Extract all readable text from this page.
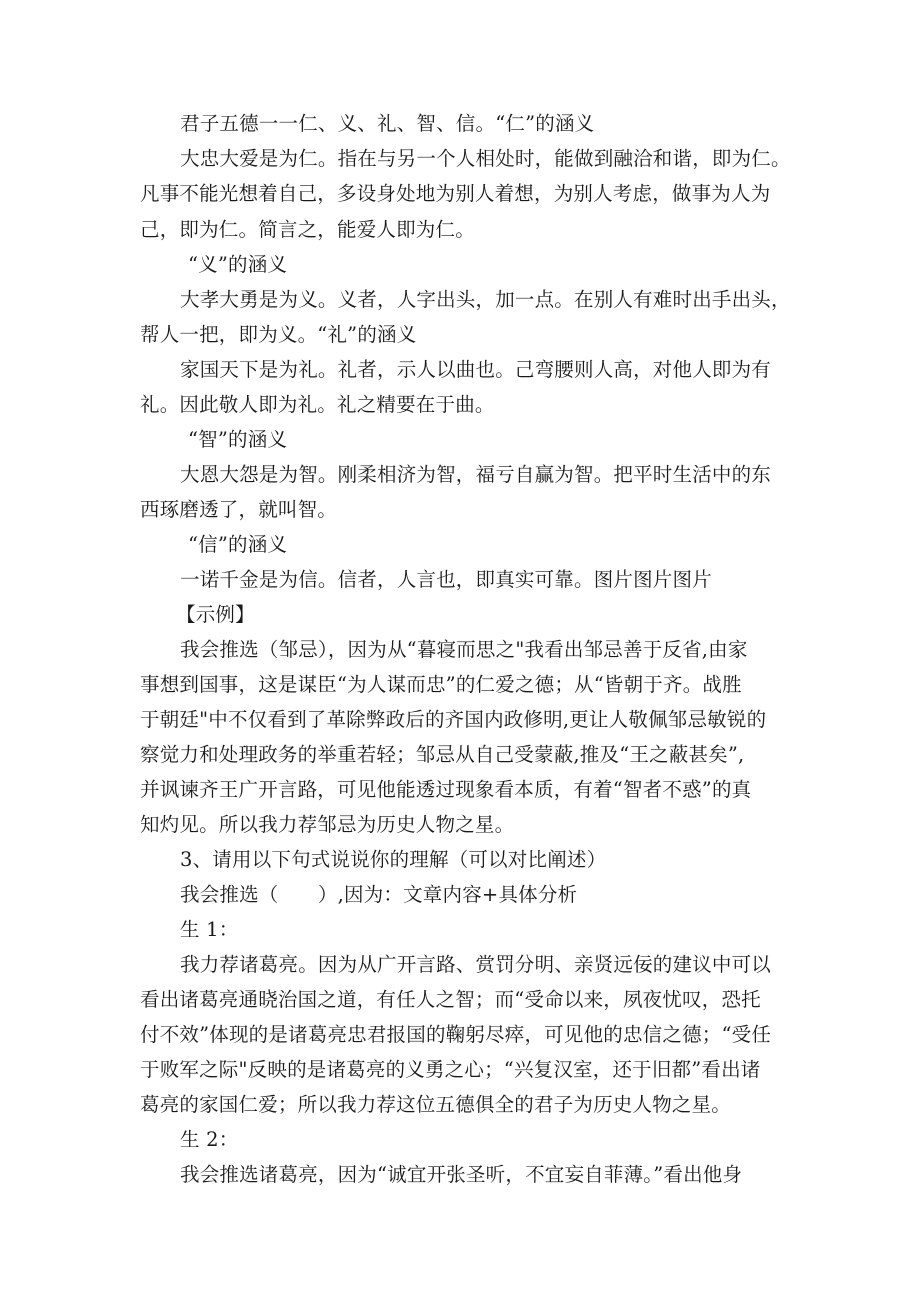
君子五德一一仁、义、礼、智、信。“仁”的涵义
大忠大爱是为仁。指在与另一个人相处时，能做到融洽和谐，即为仁。
凡事不能光想着自己，多设身处地为别人着想，为别人考虑，做事为人为
己，即为仁。简言之，能爱人即为仁。
“义”的涵义
大孝大勇是为义。义者，人字出头，加一点。在别人有难时出手出头，
帮人一把，即为义。“礼”的涵义
家国天下是为礼。礼者，示人以曲也。己弯腰则人高，对他人即为有
礼。因此敬人即为礼。礼之精要在于曲。
“智”的涵义
大恩大怨是为智。刚柔相济为智，福亏自赢为智。把平时生活中的东
西琢磨透了，就叫智。
“信”的涵义
一诺千金是为信。信者，人言也，即真实可靠。图片图片图片
【示例】
我会推选（邹忌），因为从“暮寝而思之"我看出邹忌善于反省,由家
事想到国事，这是谋臣“为人谋而忠”的仁爱之德；从“皆朝于齐。战胜
于朝廷"中不仅看到了革除弊政后的齐国内政修明,更让人敬佩邹忌敏锐的
察觉力和处理政务的举重若轻；邹忌从自己受蒙蔽,推及“王之蔽甚矣”,
并讽谏齐王广开言路，可见他能透过现象看本质，有着“智者不惑”的真
知灼见。所以我力荐邹忌为历史人物之星。
3、请用以下句式说说你的理解（可以对比阐述）
我会推选（　　）,因为：文章内容+具体分析
生 1：
我力荐诸葛亮。因为从广开言路、赏罚分明、亲贤远佞的建议中可以
看出诸葛亮通晓治国之道，有任人之智；而“受命以来，夙夜忧叹，恐托
付不效”体现的是诸葛亮忠君报国的鞠躬尽瘁，可见他的忠信之德；“受任
于败军之际"反映的是诸葛亮的义勇之心；“兴复汉室，还于旧都”看出诸
葛亮的家国仁爱；所以我力荐这位五德俱全的君子为历史人物之星。
生 2：
我会推选诸葛亮，因为“诚宜开张圣听，不宜妄自菲薄。”看出他身
